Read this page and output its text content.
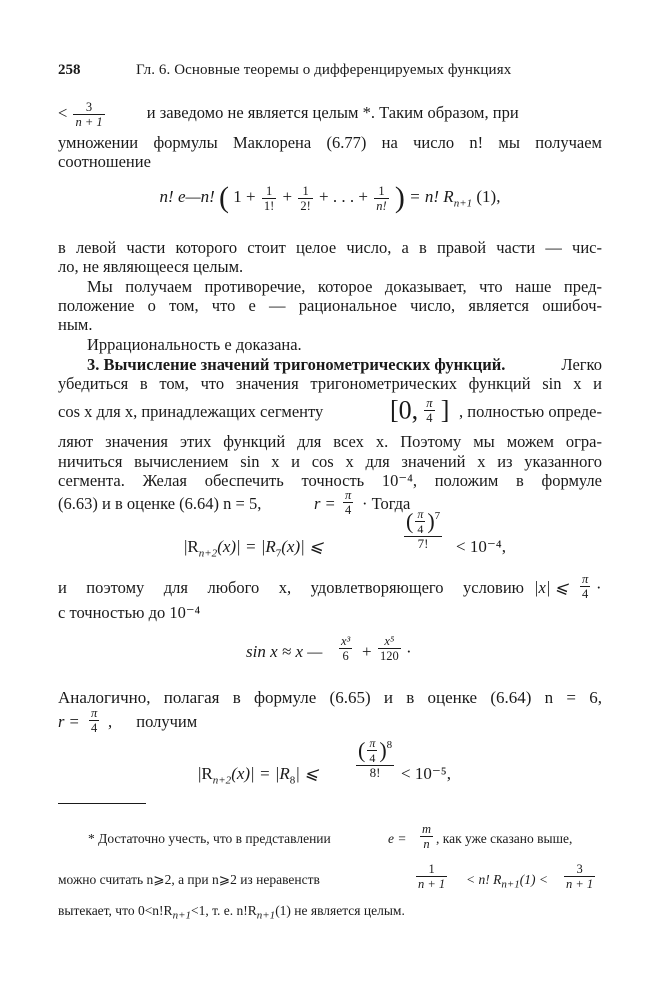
258	Гл. 6. Основные теоремы о дифференцируемых функциях
< $\frac{3}{n + 1}$	и заведомо не является целым *. Таким образом, при
умножении формулы Маклорена (6.77) на число n! мы получаем
соотношение
n! e—n! ( $1 + \frac{1}{1!} + \frac{1}{2!}$ + . . . + $\frac{1}{n!}$ ) = n! $R_{n+1}$ (1),
в левой части которого стоит целое число, а в правой части — чис-
ло, не являющееся целым.
Мы получаем противоречие, которое доказывает, что наше пред-
положение о том, что е — рациональное число, является ошибоч-
ным.
Иррациональность е доказана.
3. Вычисление значений тригонометрических функций.	Легко
убедиться в том, что значения тригонометрических функций sin x и
cos x для x, принадлежащих сегменту	[0, $\frac{\pi}{4}$ ] , полностью опреде-
ляют значения этих функций для всех x. Поэтому мы можем огра-
ничиться вычислением sin x и cos x для значений x из указанного
сегмента. Желая обеспечить точность 10⁻⁴, положим в формуле
(6.63) и в оценке (6.64) n = 5,	$r = \frac{\pi}{4}$ · Тогда
$|R_{n+2}(x)| = |R_7(x)|$ ⩽	$\frac{( \frac{\pi}{4} )^7}{7!} < 10^{-4}$,
и поэтому для любого x, удовлетворяющего условию |x| ⩽ $\frac{\pi}{4}$ ·
с точностью до 10⁻⁴
sin x ≈ x — $\frac{\text{x³}}{6} + \frac{\text{x⁵}}{120}$ ·
Аналогично, полагая в формуле (6.65) и в оценке (6.64) n = 6,
$r = \frac{\pi}{4}$ , получим
$|R_{n+2}(x)| = |R_8|$ ⩽ $\frac{( \frac{\pi}{4} )^8}{8!} < 10^{-5}$,
* Достаточно учесть, что в представлении	$e = \frac{m}{n}$ , как уже сказано выше,
можно считать n⩾2, а при n⩾2 из неравенств	$\frac{1}{n + 1} < n$! $R_{n+1}(1) < \frac{3}{n + 1}$
вытекает, что $0<n!R_{n+1}<1$, т. е. $n!R_{n+1}(1)$ не является целым.
